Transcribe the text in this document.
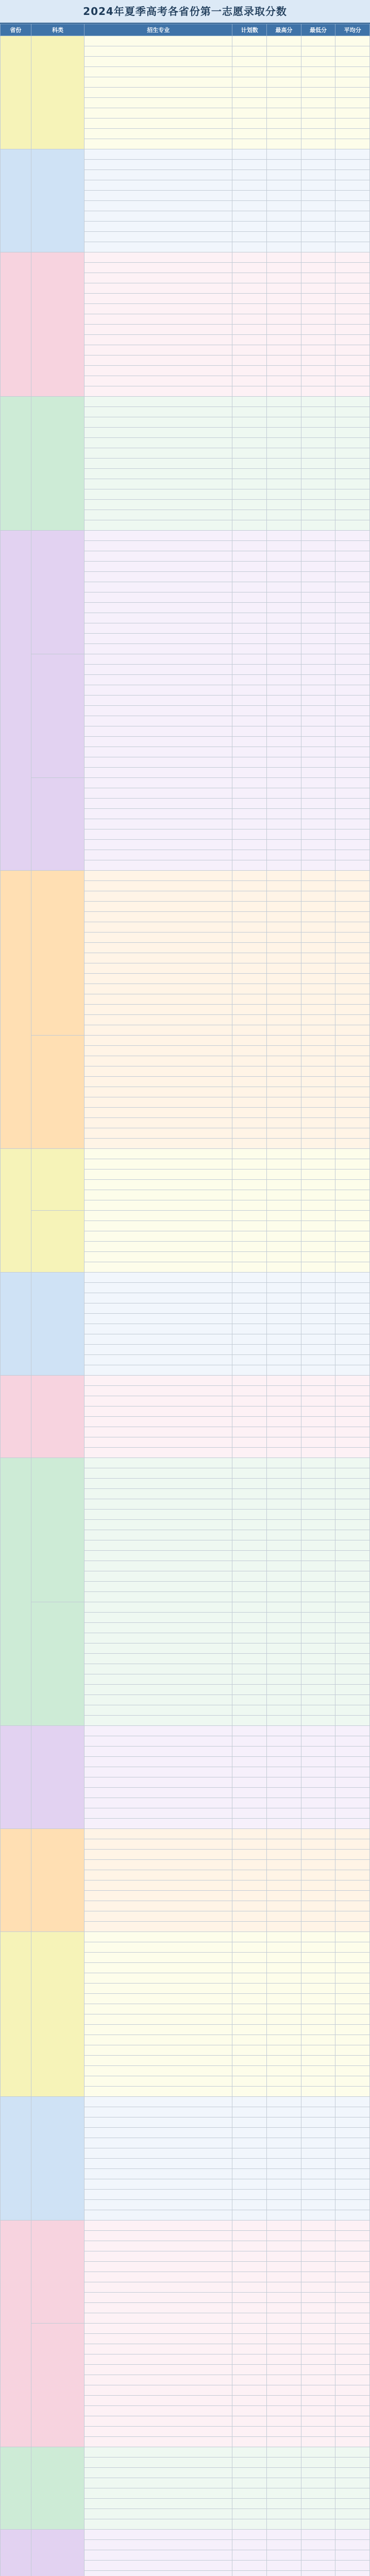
2024年夏季高考各省份第一志愿录取分数
省份	科类	招生专业	计划数	最高分	最低分	平均分
